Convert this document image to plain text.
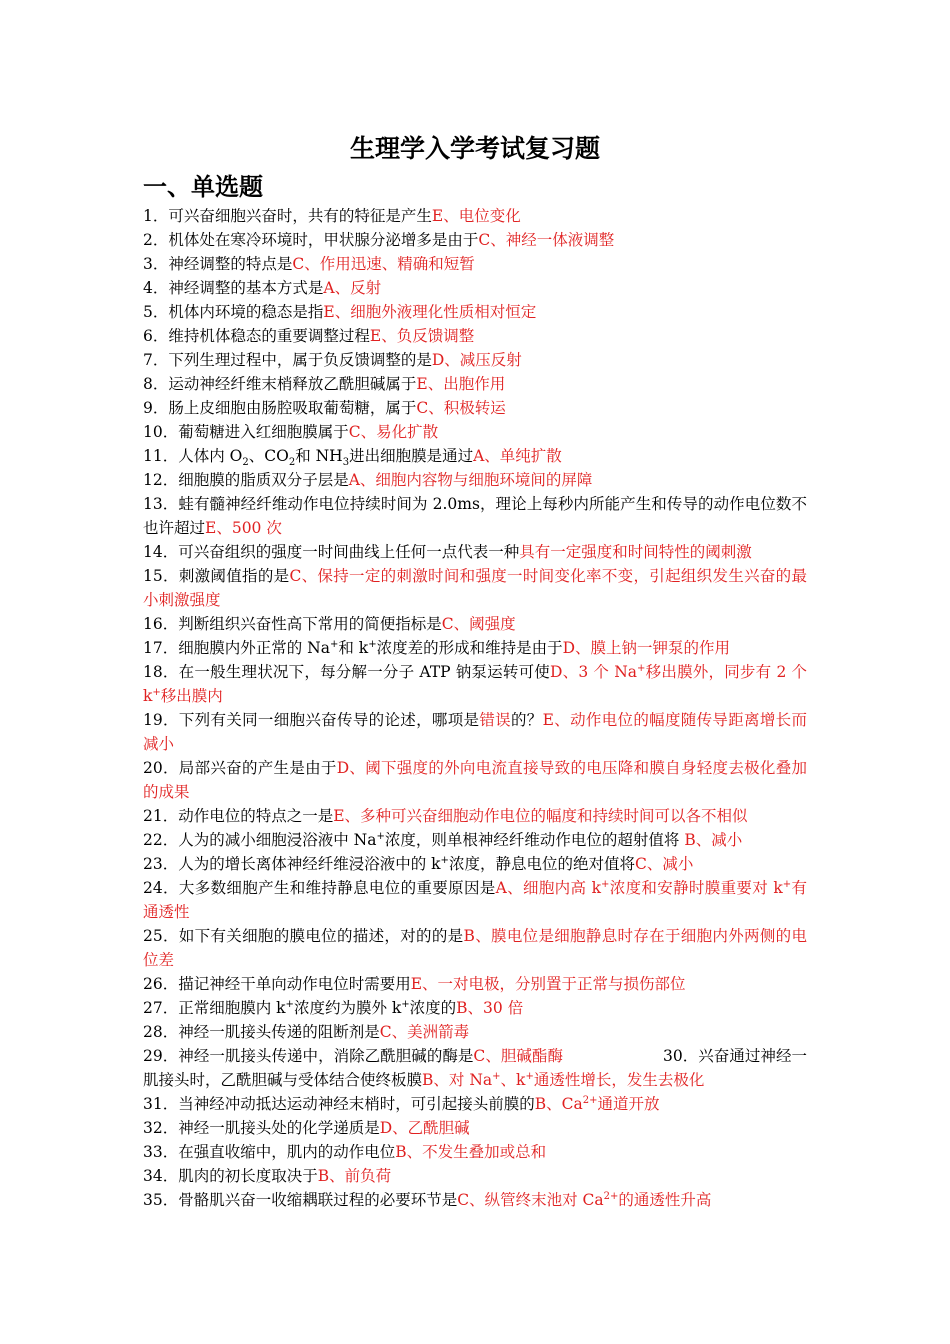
生理学入学考试复习题
一、单选题
1．可兴奋细胞兴奋时，共有的特征是产生E、电位变化
2．机体处在寒冷环境时，甲状腺分泌增多是由于C、神经一体液调整
3．神经调整的特点是C、作用迅速、精确和短暂
4．神经调整的基本方式是A、反射
5．机体内环境的稳态是指E、细胞外液理化性质相对恒定
6．维持机体稳态的重要调整过程E、负反馈调整
7．下列生理过程中，属于负反馈调整的是D、减压反射
8．运动神经纤维末梢释放乙酰胆碱属于E、出胞作用
9．肠上皮细胞由肠腔吸取葡萄糖，属于C、积极转运
10．葡萄糖进入红细胞膜属于C、易化扩散
11．人体内 $O_2$、$CO_2$和 $NH_3$进出细胞膜是通过A、单纯扩散
12．细胞膜的脂质双分子层是A、细胞内容物与细胞环境间的屏障
13．蛙有髓神经纤维动作电位持续时间为 2.0ms，理论上每秒内所能产生和传导的动作电位数不也许超过E、500 次
14．可兴奋组织的强度一时间曲线上任何一点代表一种具有一定强度和时间特性的阈刺激
15．刺激阈值指的是C、保持一定的刺激时间和强度一时间变化率不变，引起组织发生兴奋的最小刺激强度
16．判断组织兴奋性高下常用的简便指标是C、阈强度
17．细胞膜内外正常的 Na+和 k+浓度差的形成和维持是由于D、膜上钠一钾泵的作用
18．在一般生理状况下，每分解一分子 ATP 钠泵运转可使D、3 个 Na+移出膜外，同步有 2 个 k+移出膜内
19．下列有关同一细胞兴奋传导的论述，哪项是错误的？E、动作电位的幅度随传导距离增长而减小
20．局部兴奋的产生是由于D、阈下强度的外向电流直接导致的电压降和膜自身轻度去极化叠加的成果
21．动作电位的特点之一是E、多种可兴奋细胞动作电位的幅度和持续时间可以各不相似
22．人为的减小细胞浸浴液中 Na+浓度，则单根神经纤维动作电位的超射值将 B、减小
23．人为的增长离体神经纤维浸浴液中的 k+浓度，静息电位的绝对值将C、减小
24．大多数细胞产生和维持静息电位的重要原因是A、细胞内高 k+浓度和安静时膜重要对 k+有通透性
25．如下有关细胞的膜电位的描述，对的的是B、膜电位是细胞静息时存在于细胞内外两侧的电位差
26．描记神经干单向动作电位时需要用E、一对电极，分别置于正常与损伤部位
27．正常细胞膜内 k+浓度约为膜外 k+浓度的B、30 倍
28．神经一肌接头传递的阻断剂是C、美洲箭毒
29．神经一肌接头传递中，消除乙酰胆碱的酶是C、胆碱酯酶	30．兴奋通过神经一肌接头时，乙酰胆碱与受体结合使终板膜B、对 Na+、k+通透性增长，发生去极化
31．当神经冲动抵达运动神经末梢时，可引起接头前膜的B、$Ca^{2+}$通道开放
32．神经一肌接头处的化学递质是D、乙酰胆碱
33．在强直收缩中，肌内的动作电位B、不发生叠加或总和
34．肌肉的初长度取决于B、前负荷
35．骨骼肌兴奋一收缩耦联过程的必要环节是C、纵管终末池对 $Ca^{2+}$的通透性升高
